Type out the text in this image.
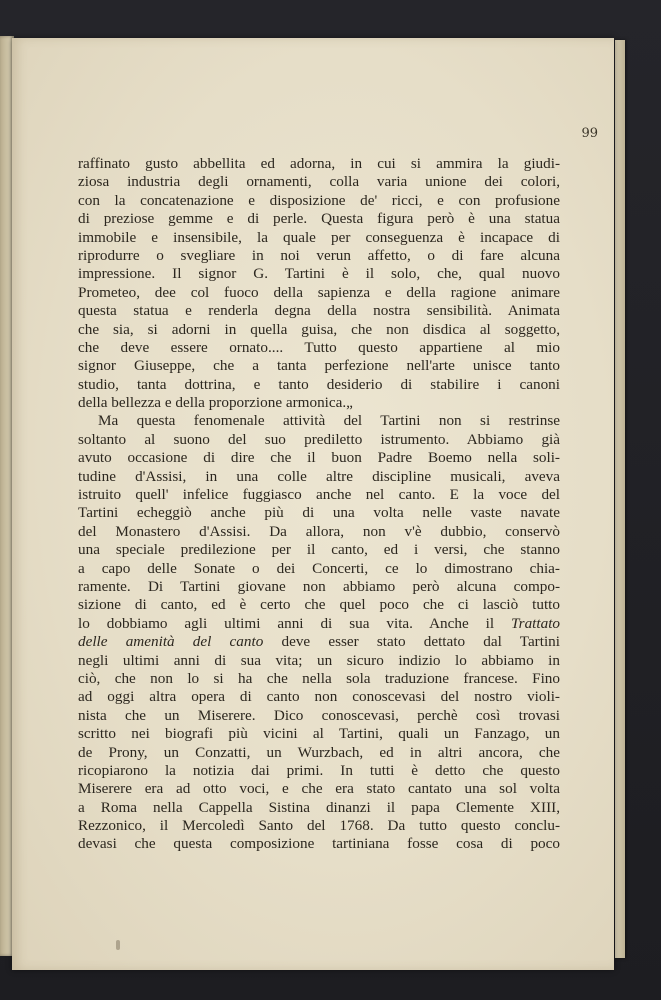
99
raffinato gusto abbellita ed adorna, in cui si ammira la giudi-
ziosa industria degli ornamenti, colla varia unione dei colori,
con la concatenazione e disposizione de' ricci, e con profusione
di preziose gemme e di perle. Questa figura però è una statua
immobile e insensibile, la quale per conseguenza è incapace di
riprodurre o svegliare in noi verun affetto, o di fare alcuna
impressione. Il signor G. Tartini è il solo, che, qual nuovo
Prometeo, dee col fuoco della sapienza e della ragione animare
questa statua e renderla degna della nostra sensibilità. Animata
che sia, si adorni in quella guisa, che non disdica al soggetto,
che deve essere ornato.... Tutto questo appartiene al mio
signor Giuseppe, che a tanta perfezione nell'arte unisce tanto
studio, tanta dottrina, e tanto desiderio di stabilire i canoni
della bellezza e della proporzione armonica.„
Ma questa fenomenale attività del Tartini non si restrinse
soltanto al suono del suo prediletto istrumento. Abbiamo già
avuto occasione di dire che il buon Padre Boemo nella soli-
tudine d'Assisi, in una colle altre discipline musicali, aveva
istruito quell' infelice fuggiasco anche nel canto. E la voce del
Tartini echeggiò anche più di una volta nelle vaste navate
del Monastero d'Assisi. Da allora, non v'è dubbio, conservò
una speciale predilezione per il canto, ed i versi, che stanno
a capo delle Sonate o dei Concerti, ce lo dimostrano chia-
ramente. Di Tartini giovane non abbiamo però alcuna compo-
sizione di canto, ed è certo che quel poco che ci lasciò tutto
lo dobbiamo agli ultimi anni di sua vita. Anche il Trattato
delle amenità del canto deve esser stato dettato dal Tartini
negli ultimi anni di sua vita; un sicuro indizio lo abbiamo in
ciò, che non lo si ha che nella sola traduzione francese. Fino
ad oggi altra opera di canto non conoscevasi del nostro violi-
nista che un Miserere. Dico conoscevasi, perchè così trovasi
scritto nei biografi più vicini al Tartini, quali un Fanzago, un
de Prony, un Conzatti, un Wurzbach, ed in altri ancora, che
ricopiarono la notizia dai primi. In tutti è detto che questo
Miserere era ad otto voci, e che era stato cantato una sol volta
a Roma nella Cappella Sistina dinanzi il papa Clemente XIII,
Rezzonico, il Mercoledì Santo del 1768. Da tutto questo conclu-
devasi che questa composizione tartiniana fosse cosa di poco
